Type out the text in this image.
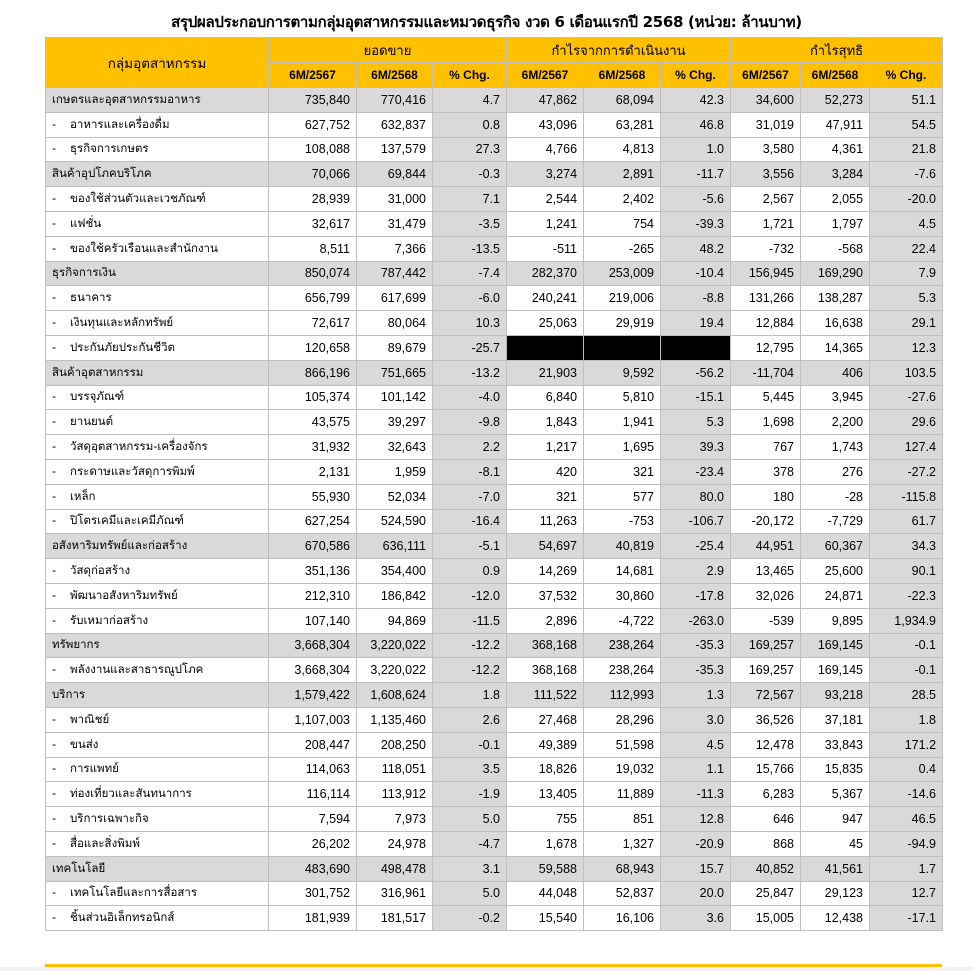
สรุปผลประกอบการตามกลุ่มอุตสาหกรรมและหมวดธุรกิจ งวด 6 เดือนแรกปี 2568 (หน่วย: ล้านบาท)
กลุ่มอุตสาหกรรม	ยอดขาย			กำไรจากการดำเนินงาน			กำไรสุทธิ		
	6M/2567	6M/2568	% Chg.	6M/2567	6M/2568	% Chg.	6M/2567	6M/2568	% Chg.
เกษตรและอุตสาหกรรมอาหาร	735,840	770,416	4.7	47,862	68,094	42.3	34,600	52,273	51.1
- อาหารและเครื่องดื่ม	627,752	632,837	0.8	43,096	63,281	46.8	31,019	47,911	54.5
- ธุรกิจการเกษตร	108,088	137,579	27.3	4,766	4,813	1.0	3,580	4,361	21.8
สินค้าอุปโภคบริโภค	70,066	69,844	-0.3	3,274	2,891	-11.7	3,556	3,284	-7.6
- ของใช้ส่วนตัวและเวชภัณฑ์	28,939	31,000	7.1	2,544	2,402	-5.6	2,567	2,055	-20.0
- แฟชั่น	32,617	31,479	-3.5	1,241	754	-39.3	1,721	1,797	4.5
- ของใช้ครัวเรือนและสำนักงาน	8,511	7,366	-13.5	-511	-265	48.2	-732	-568	22.4
ธุรกิจการเงิน	850,074	787,442	-7.4	282,370	253,009	-10.4	156,945	169,290	7.9
- ธนาคาร	656,799	617,699	-6.0	240,241	219,006	-8.8	131,266	138,287	5.3
- เงินทุนและหลักทรัพย์	72,617	80,064	10.3	25,063	29,919	19.4	12,884	16,638	29.1
- ประกันภัยประกันชีวิต	120,658	89,679	-25.7				12,795	14,365	12.3
สินค้าอุตสาหกรรม	866,196	751,665	-13.2	21,903	9,592	-56.2	-11,704	406	103.5
- บรรจุภัณฑ์	105,374	101,142	-4.0	6,840	5,810	-15.1	5,445	3,945	-27.6
- ยานยนต์	43,575	39,297	-9.8	1,843	1,941	5.3	1,698	2,200	29.6
- วัสดุอุตสาหกรรม-เครื่องจักร	31,932	32,643	2.2	1,217	1,695	39.3	767	1,743	127.4
- กระดาษและวัสดุการพิมพ์	2,131	1,959	-8.1	420	321	-23.4	378	276	-27.2
- เหล็ก	55,930	52,034	-7.0	321	577	80.0	180	-28	-115.8
- ปิโตรเคมีและเคมีภัณฑ์	627,254	524,590	-16.4	11,263	-753	-106.7	-20,172	-7,729	61.7
อสังหาริมทรัพย์และก่อสร้าง	670,586	636,111	-5.1	54,697	40,819	-25.4	44,951	60,367	34.3
- วัสดุก่อสร้าง	351,136	354,400	0.9	14,269	14,681	2.9	13,465	25,600	90.1
- พัฒนาอสังหาริมทรัพย์	212,310	186,842	-12.0	37,532	30,860	-17.8	32,026	24,871	-22.3
- รับเหมาก่อสร้าง	107,140	94,869	-11.5	2,896	-4,722	-263.0	-539	9,895	1,934.9
ทรัพยากร	3,668,304	3,220,022	-12.2	368,168	238,264	-35.3	169,257	169,145	-0.1
- พลังงานและสาธารณูปโภค	3,668,304	3,220,022	-12.2	368,168	238,264	-35.3	169,257	169,145	-0.1
บริการ	1,579,422	1,608,624	1.8	111,522	112,993	1.3	72,567	93,218	28.5
- พาณิชย์	1,107,003	1,135,460	2.6	27,468	28,296	3.0	36,526	37,181	1.8
- ขนส่ง	208,447	208,250	-0.1	49,389	51,598	4.5	12,478	33,843	171.2
- การแพทย์	114,063	118,051	3.5	18,826	19,032	1.1	15,766	15,835	0.4
- ท่องเที่ยวและสันทนาการ	116,114	113,912	-1.9	13,405	11,889	-11.3	6,283	5,367	-14.6
- บริการเฉพาะกิจ	7,594	7,973	5.0	755	851	12.8	646	947	46.5
- สื่อและสิ่งพิมพ์	26,202	24,978	-4.7	1,678	1,327	-20.9	868	45	-94.9
เทคโนโลยี	483,690	498,478	3.1	59,588	68,943	15.7	40,852	41,561	1.7
- เทคโนโลยีและการสื่อสาร	301,752	316,961	5.0	44,048	52,837	20.0	25,847	29,123	12.7
- ชิ้นส่วนอิเล็กทรอนิกส์	181,939	181,517	-0.2	15,540	16,106	3.6	15,005	12,438	-17.1
